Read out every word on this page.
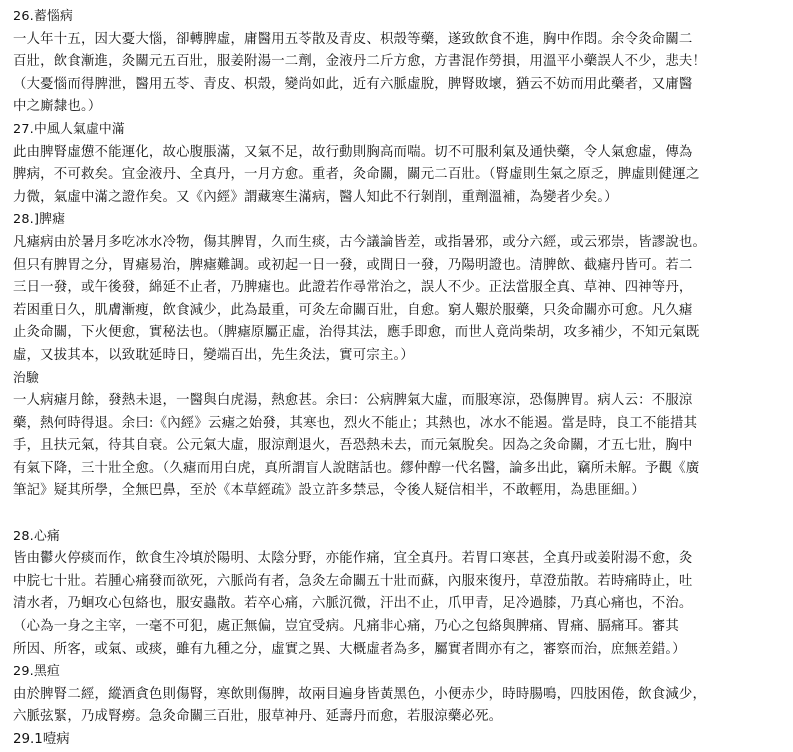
26.蓄惱病
一人年十五，因大憂大惱，卻轉脾虛，庸醫用五苓散及青皮、枳殼等藥，遂致飲食不進，胸中作悶。余令灸命關二
百壯，飲食漸進，灸關元五百壯，服姜附湯一二劑，金液丹二斤方愈，方書混作勞損，用溫平小藥誤人不少，悲夫！
（大憂惱而得脾泄，醫用五苓、青皮、枳殼，變尚如此，近有六脈虛脫，脾腎敗壞，猶云不妨而用此藥者，又庸醫
中之廝隸也。）
27.中風人氣虛中滿
此由脾腎虛憊不能運化，故心腹脹滿，又氣不足，故行動則胸高而喘。切不可服利氣及通快藥，令人氣愈虛，傳為
脾病，不可救矣。宜金液丹、全真丹，一月方愈。重者，灸命關，關元二百壯。（腎虛則生氣之原乏，脾虛則健運之
力微，氣虛中滿之證作矣。又《內經》謂藏寒生滿病，醫人知此不行剝削，重劑溫補，為變者少矣。）
28.]脾瘧
凡瘧病由於暑月多吃冰水冷物，傷其脾胃，久而生痰，古今議論皆差，或指暑邪，或分六經，或云邪崇，皆謬說也。
但只有脾胃之分，胃瘧易治，脾瘧難調。或初起一日一發，或間日一發，乃陽明證也。清脾飲、截瘧丹皆可。若二
三日一發，或午後發，綿延不止者，乃脾瘧也。此證若作尋常治之，誤人不少。正法當服全真、草神、四神等丹，
若困重日久，肌膚漸瘦，飲食減少，此為最重，可灸左命關百壯，自愈。窮人艱於服藥，只灸命關亦可愈。凡久瘧
止灸命關，下火便愈，實秘法也。（脾瘧原屬正虛，治得其法，應手即愈，而世人竟尚柴胡，攻多補少，不知元氣既
虛，又拔其本，以致耽延時日，變端百出，先生灸法，實可宗主。）
治驗
一人病瘧月餘，發熱未退，一醫與白虎湯，熱愈甚。余曰：公病脾氣大虛，而服寒涼，恐傷脾胃。病人云：不服涼
藥，熱何時得退。余曰:《內經》云瘧之始發，其寒也，烈火不能止；其熱也，冰水不能遏。當是時，良工不能措其
手，且扶元氣，待其自衰。公元氣大虛，服涼劑退火，吾恐熱未去，而元氣脫矣。因為之灸命關，才五七壯，胸中
有氣下降，三十壯全愈。（久瘧而用白虎，真所謂盲人說瞎話也。繆仲醇一代名醫，論多出此，竊所未解。予觀《廣
筆記》疑其所學，全無巴鼻，至於《本草經疏》設立許多禁忌，令後人疑信相半，不敢輕用，為患匪細。）
28.心痛
皆由鬱火停痰而作，飲食生冷填於陽明、太陰分野，亦能作痛，宜全真丹。若胃口寒甚，全真丹或姜附湯不愈，灸
中脘七十壯。若腫心痛發而欲死，六脈尚有者，急灸左命關五十壯而蘇，內服來復丹，草澄茄散。若時痛時止，吐
清水者，乃蛔攻心包絡也，服安蟲散。若卒心痛，六脈沉微，汗出不止，爪甲青，足冷過膝，乃真心痛也，不治。
（心為一身之主宰，一毫不可犯，處正無偏，豈宜受病。凡痛非心痛，乃心之包絡與脾痛、胃痛、膈痛耳。審其
所因、所客，或氣、或痰，雖有九種之分，虛實之異、大概虛者為多，屬實者間亦有之，審察而治，庶無差錯。）
29.黑疸
由於脾腎二經，縱酒貪色則傷腎，寒飲則傷脾，故兩目遍身皆黃黑色，小便赤少，時時腸鳴，四肢困倦，飲食減少，
六脈弦緊，乃成腎癆。急灸命關三百壯，服草神丹、延壽丹而愈，若服涼藥必死。
29.1噎病
